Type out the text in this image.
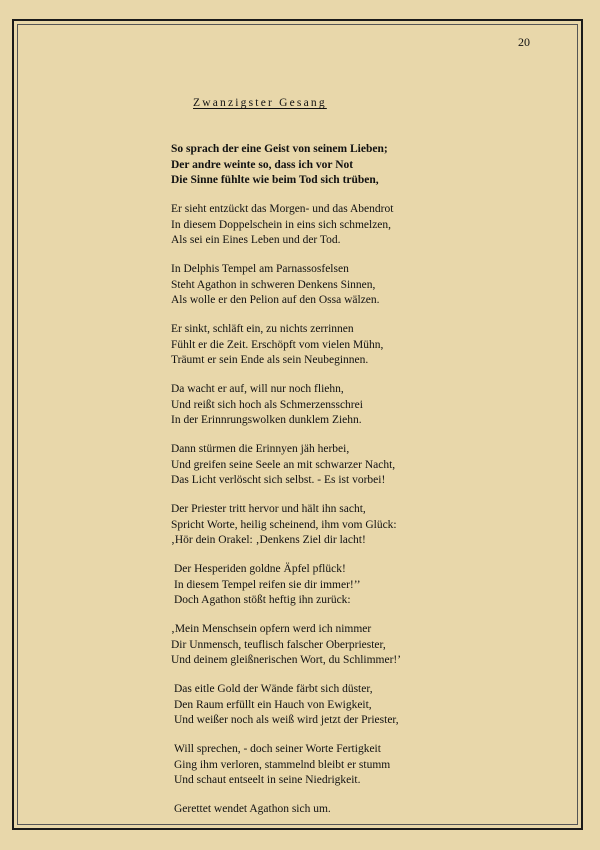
20
Zwanzigster Gesang
So sprach der eine Geist von seinem Lieben;
Der andre weinte so, dass ich vor Not
Die Sinne fühlte wie beim Tod sich trüben,
Er sieht entzückt das Morgen- und das Abendrot
In diesem Doppelschein in eins sich schmelzen,
Als sei ein Eines Leben und der Tod.
In Delphis Tempel am Parnassosfelsen
Steht Agathon in schweren Denkens Sinnen,
Als wolle er den Pelion auf den Ossa wälzen.
Er sinkt, schläft ein, zu nichts zerrinnen
Fühlt er die Zeit. Erschöpft vom vielen Mühn,
Träumt er sein Ende als sein Neubeginnen.
Da wacht er auf, will nur noch fliehn,
Und reißt sich hoch als Schmerzensschrei
In der Erinnrungswolken dunklem Ziehn.
Dann stürmen die Erinnyen jäh herbei,
Und greifen seine Seele an mit schwarzer Nacht,
Das Licht verlöscht sich selbst. - Es ist vorbei!
Der Priester tritt hervor und hält ihn sacht,
Spricht Worte, heilig scheinend, ihm vom Glück:
‚Hör dein Orakel: ‚Denkens Ziel dir lacht!
Der Hesperiden goldne Äpfel pflück!
In diesem Tempel reifen sie dir immer!’’
Doch Agathon stößt heftig ihn zurück:
‚Mein Menschsein opfern werd ich nimmer
Dir Unmensch, teuflisch falscher Oberpriester,
Und deinem gleißnerischen Wort, du Schlimmer!’
Das eitle Gold der Wände färbt sich düster,
Den Raum erfüllt ein Hauch von Ewigkeit,
Und weißer noch als weiß wird jetzt der Priester,
Will sprechen, - doch seiner Worte Fertigkeit
Ging ihm verloren, stammelnd bleibt er stumm
Und schaut entseelt in seine Niedrigkeit.
Gerettet wendet Agathon sich um.
